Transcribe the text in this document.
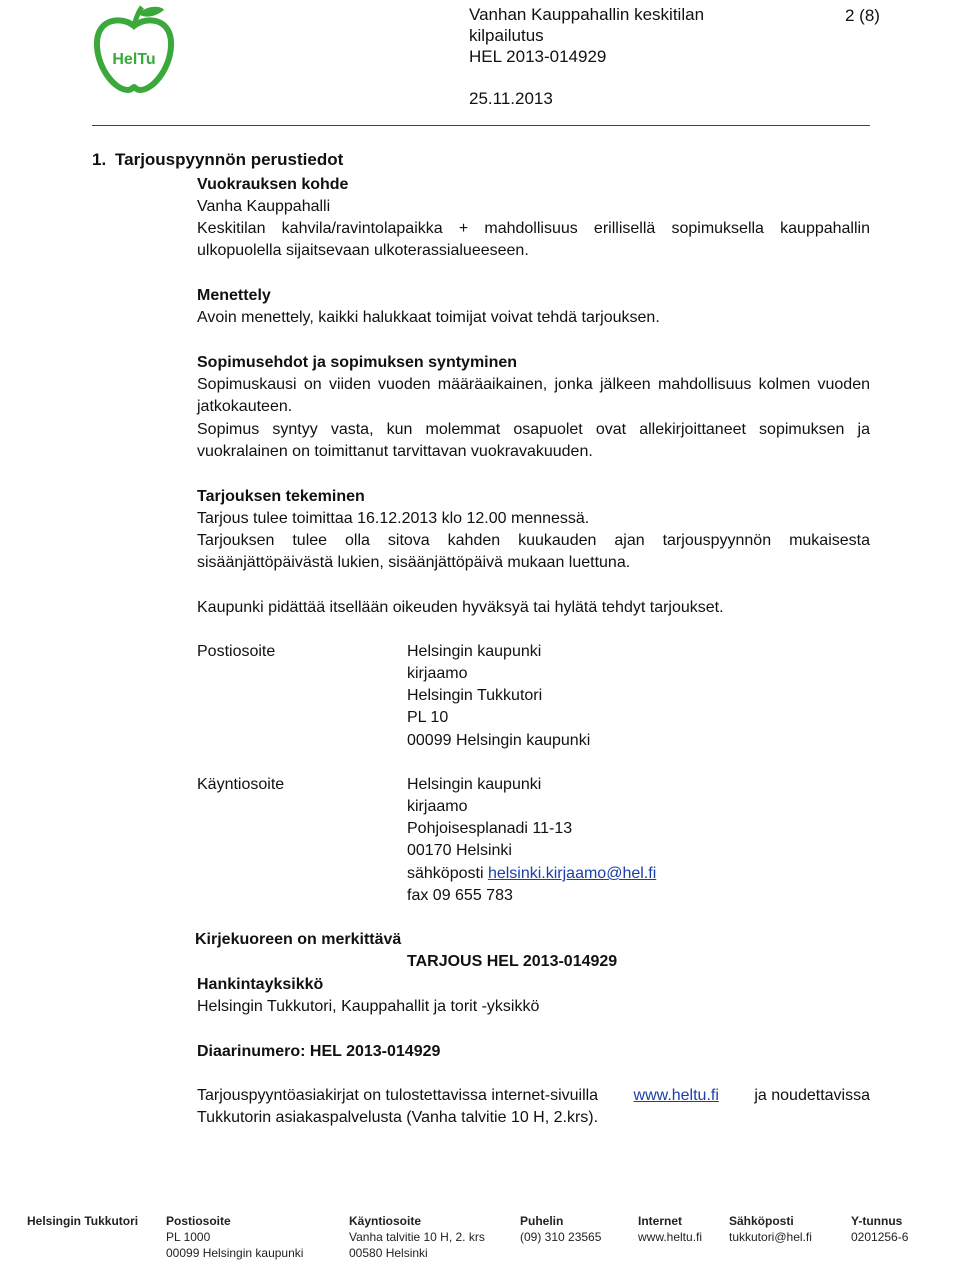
HelTu
Vanhan Kauppahallin keskitilan
kilpailutus
HEL 2013-014929
25.11.2013
2 (8)
1. Tarjouspyynnön perustiedot
Vuokrauksen kohde
Vanha Kauppahalli
Keskitilan kahvila/ravintolapaikka + mahdollisuus erillisellä sopimuksella kauppahallin
ulkopuolella sijaitsevaan ulkoterassialueeseen.
Menettely
Avoin menettely, kaikki halukkaat toimijat voivat tehdä tarjouksen.
Sopimusehdot ja sopimuksen syntyminen
Sopimuskausi on viiden vuoden määräaikainen, jonka jälkeen mahdollisuus kolmen vuoden
jatkokauteen.
Sopimus syntyy vasta, kun molemmat osapuolet ovat allekirjoittaneet sopimuksen ja
vuokralainen on toimittanut tarvittavan vuokravakuuden.
Tarjouksen tekeminen
Tarjous tulee toimittaa 16.12.2013 klo 12.00 mennessä.
Tarjouksen tulee olla sitova kahden kuukauden ajan tarjouspyynnön mukaisesta
sisäänjättöpäivästä lukien, sisäänjättöpäivä mukaan luettuna.
Kaupunki pidättää itsellään oikeuden hyväksyä tai hylätä tehdyt tarjoukset.
Postiosoite	Helsingin kaupunki
kirjaamo
Helsingin Tukkutori
PL 10
00099 Helsingin kaupunki
Käyntiosoite	Helsingin kaupunki
kirjaamo
Pohjoisesplanadi 11-13
00170 Helsinki
sähköposti helsinki.kirjaamo@hel.fi
fax 09 655 783
Kirjekuoreen on merkittävä
TARJOUS HEL 2013-014929
Hankintayksikkö
Helsingin Tukkutori, Kauppahallit ja torit -yksikkö
Diaarinumero: HEL 2013-014929
Tarjouspyyntöasiakirjat on tulostettavissa internet-sivuilla www.heltu.fi ja noudettavissa
Tukkutorin asiakaspalvelusta (Vanha talvitie 10 H, 2.krs).
Helsingin Tukkutori Postiosoite
PL 1000
00099 Helsingin kaupunki
Käyntiosoite
Vanha talvitie 10 H, 2. krs
00580 Helsinki
Puhelin
(09) 310 23565
Internet
www.heltu.fi
Sähköposti
tukkutori@hel.fi
Y-tunnus
0201256-6
